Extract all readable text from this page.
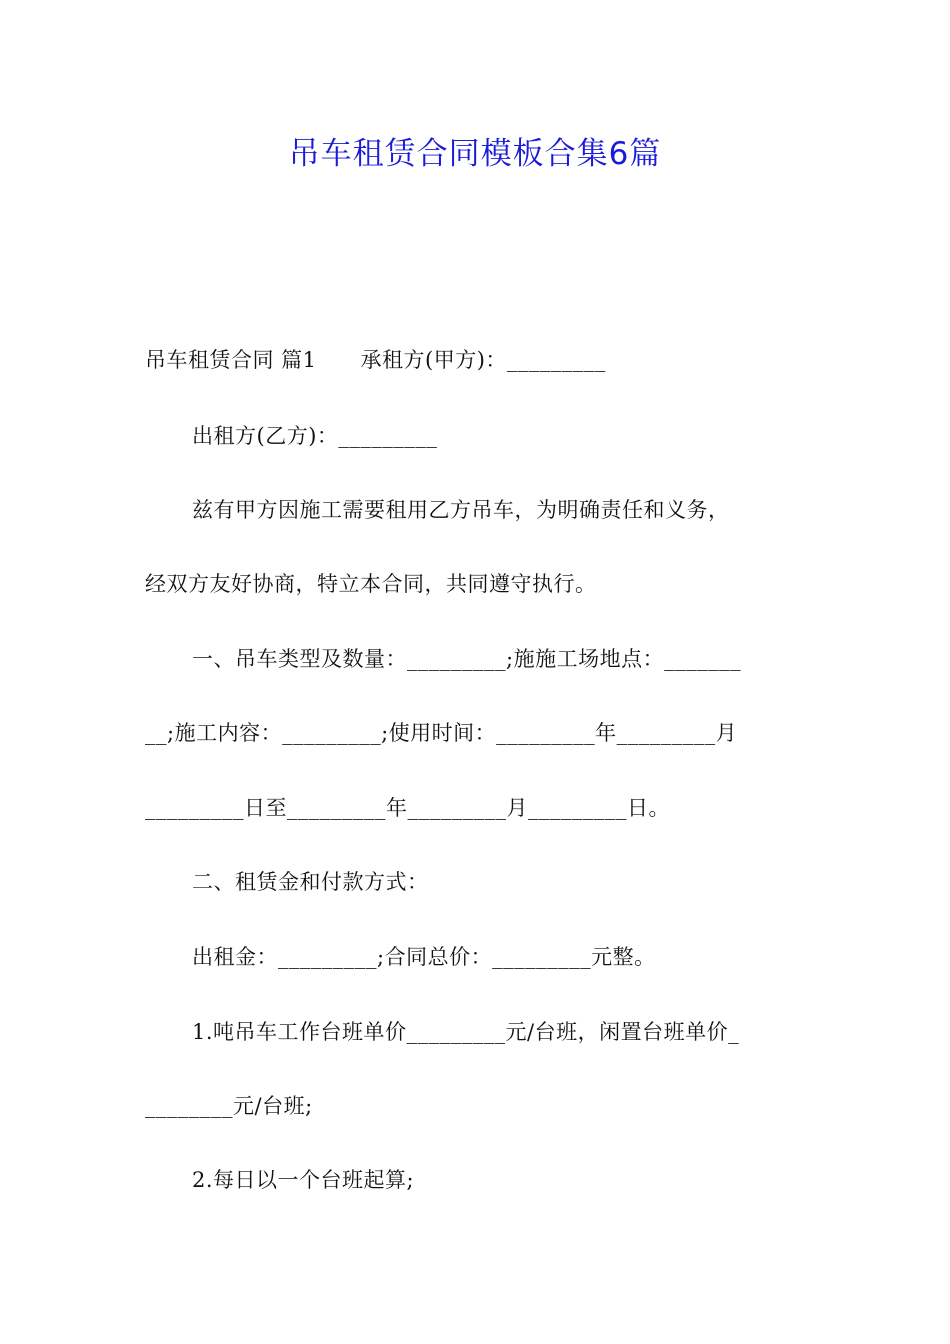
吊车租赁合同模板合集6篇
吊车租赁合同 篇1 承租方(甲方)：_________
出租方(乙方)：_________
兹有甲方因施工需要租用乙方吊车，为明确责任和义务，
经双方友好协商，特立本合同，共同遵守执行。
一、吊车类型及数量：_________;施施工场地点：_______
__;施工内容：_________;使用时间：_________年_________月
_________日至_________年_________月_________日。
二、租赁金和付款方式：
出租金：_________;合同总价：_________元整。
1.吨吊车工作台班单价_________元/台班，闲置台班单价_
________元/台班;
2.每日以一个台班起算;
